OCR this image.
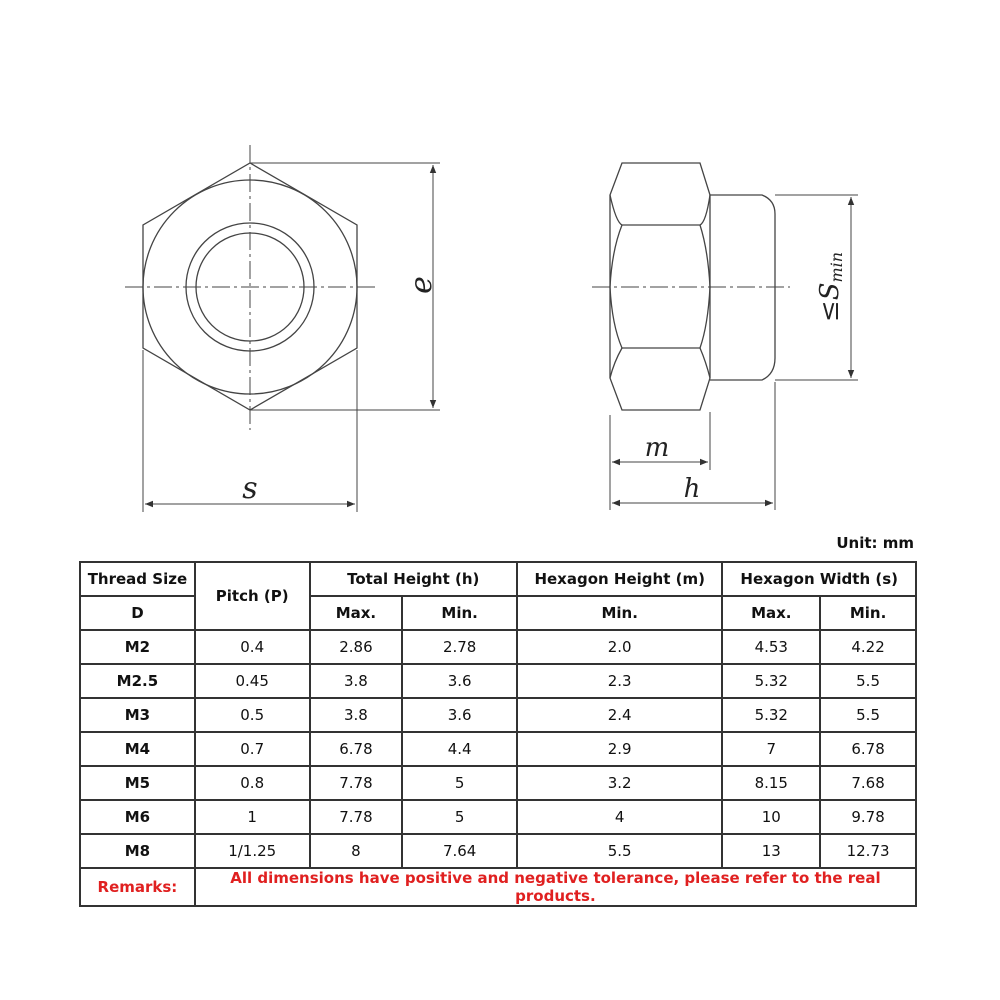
e
s
m
h
≤Smin
Unit: mm
Thread Size	Pitch (P)	Total Height (h)		Hexagon Height (m)	Hexagon Width (s)	
D		Max.	Min.	Min.	Max.	Min.
M2	0.4	2.86	2.78	2.0	4.53	4.22
M2.5	0.45	3.8	3.6	2.3	5.32	5.5
M3	0.5	3.8	3.6	2.4	5.32	5.5
M4	0.7	6.78	4.4	2.9	7	6.78
M5	0.8	7.78	5	3.2	8.15	7.68
M6	1	7.78	5	4	10	9.78
M8	1/1.25	8	7.64	5.5	13	12.73
Remarks:	All dimensions have positive and negative tolerance, please refer to the real products.					
